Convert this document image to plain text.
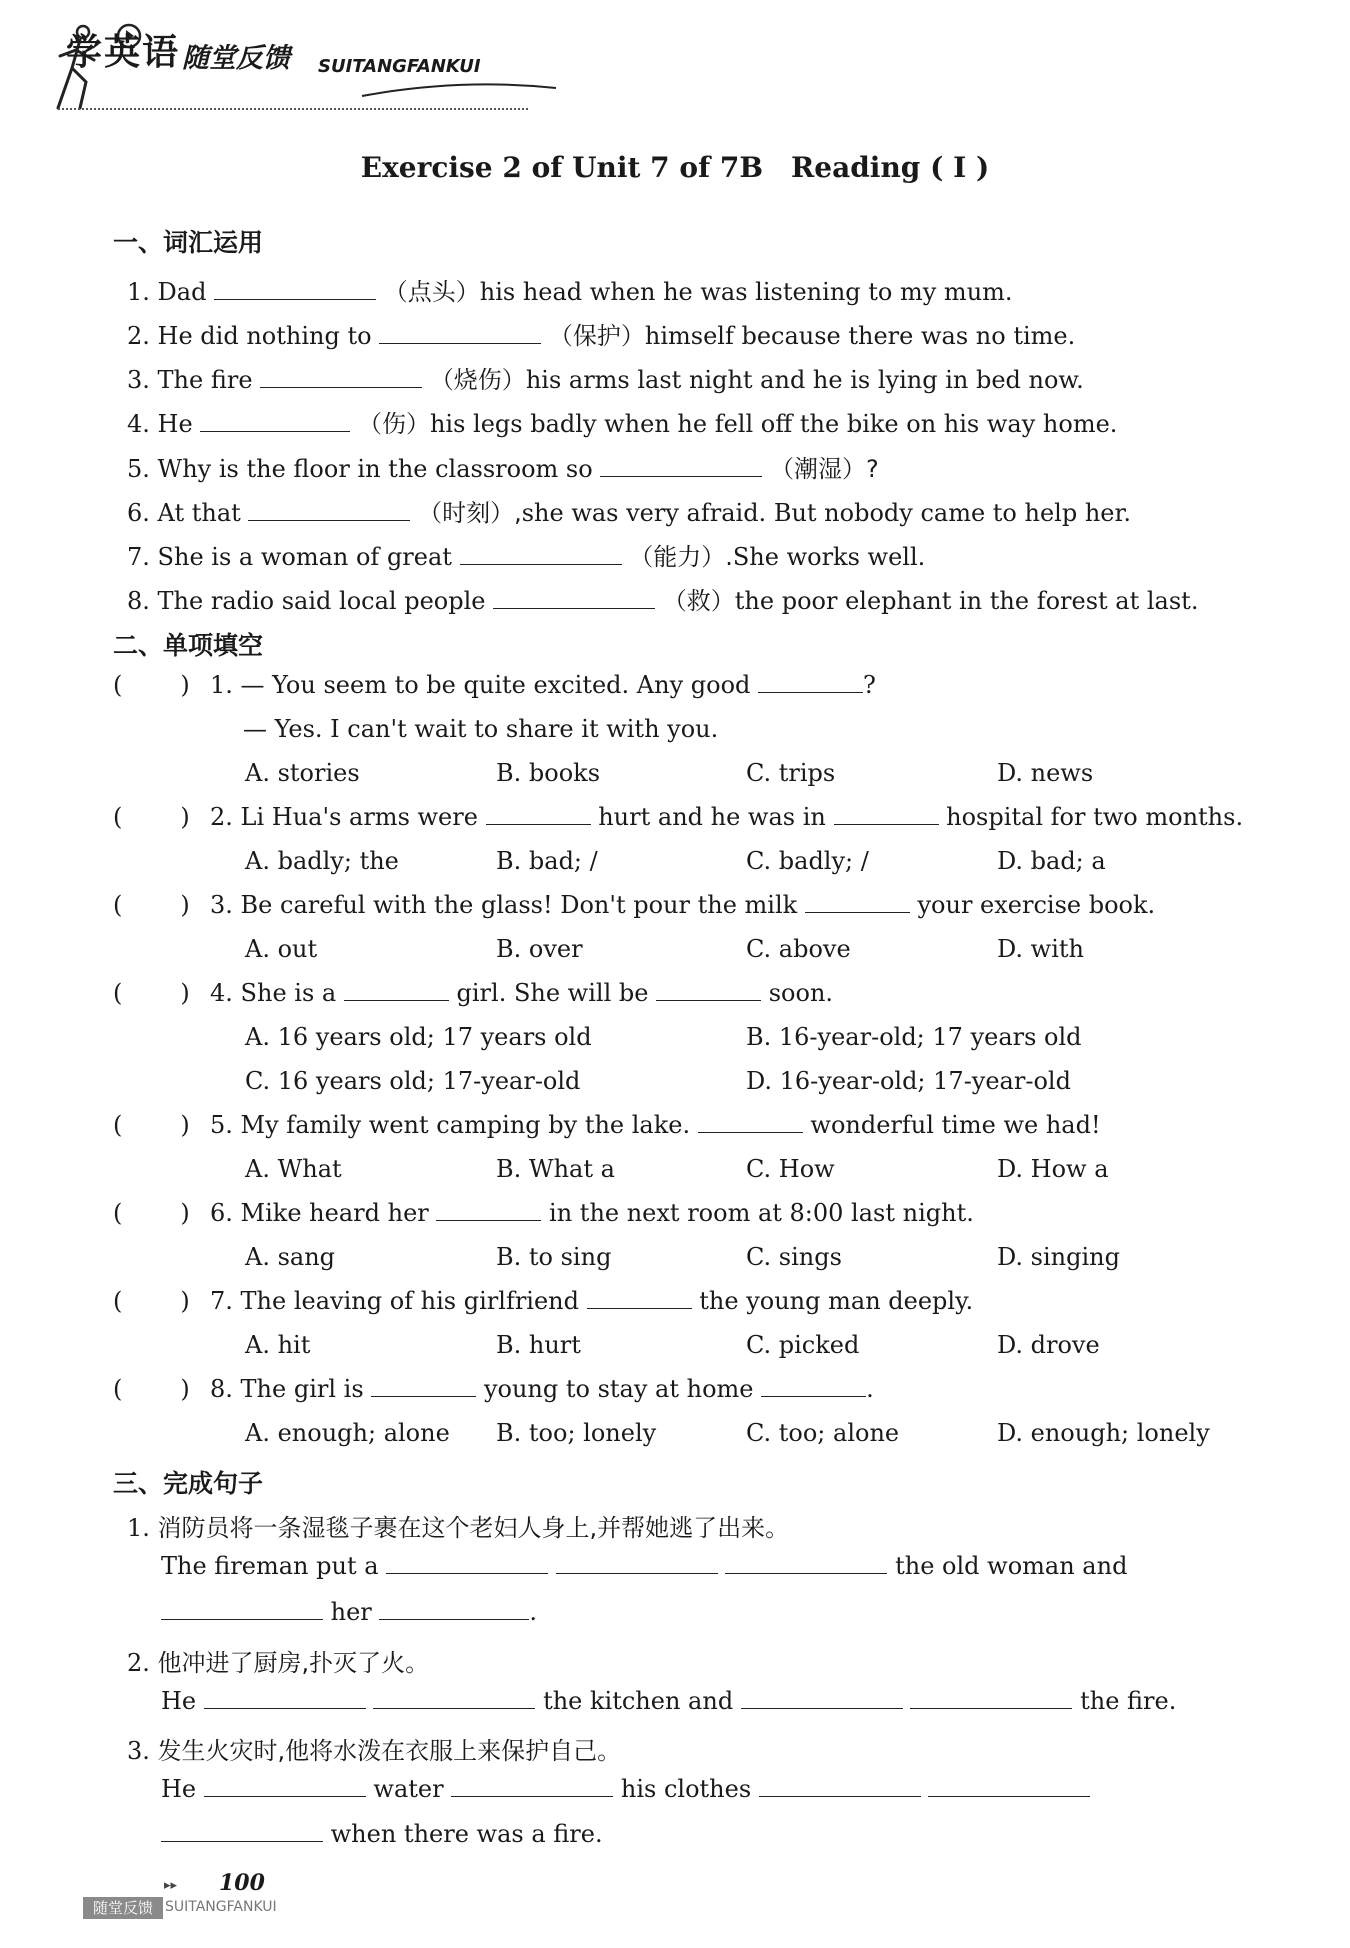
学英语 随堂反馈 SUITANGFANKUI
Exercise 2 of Unit 7 of 7B　Reading ( Ⅰ )
一、词汇运用
1. Dad	（点头）his head when he was listening to my mum.
2. He did nothing to	（保护）himself because there was no time.
3. The fire	（烧伤）his arms last night and he is lying in bed now.
4. He	（伤）his legs badly when he fell off the bike on his way home.
5. Why is the floor in the classroom so	（潮湿）?
6. At that	（时刻）,she was very afraid. But nobody came to help her.
7. She is a woman of great	（能力）.She works well.
8. The radio said local people	（救）the poor elephant in the forest at last.
二、单项填空
( ) 1. — You seem to be quite excited. Any good	?
— Yes. I can't wait to share it with you.
A. stories	B. books	C. trips	D. news
( ) 2. Li Hua's arms were	hurt and he was in	hospital for two months.
A. badly; the	B. bad; /	C. badly; /	D. bad; a
( ) 3. Be careful with the glass! Don't pour the milk	your exercise book.
A. out	B. over	C. above	D. with
( ) 4. She is a	girl. She will be	soon.
A. 16 years old; 17 years old	B. 16-year-old; 17 years old
C. 16 years old; 17-year-old	D. 16-year-old; 17-year-old
( ) 5. My family went camping by the lake.	wonderful time we had!
A. What	B. What a	C. How	D. How a
( ) 6. Mike heard her	in the next room at 8:00 last night.
A. sang	B. to sing	C. sings	D. singing
( ) 7. The leaving of his girlfriend	the young man deeply.
A. hit	B. hurt	C. picked	D. drove
( ) 8. The girl is	young to stay at home	.
A. enough; alone B. too; lonely	C. too; alone	D. enough; lonely
三、完成句子
1. 消防员将一条湿毯子裹在这个老妇人身上,并帮她逃了出来。
The fireman put a	the old woman and
her	.
2. 他冲进了厨房,扑灭了火。
He	the kitchen and	the fire.
3. 发生火灾时,他将水泼在衣服上来保护自己。
He	water	his clothes
when there was a fire.
▸▸ 100
随堂反馈 SUITANGFANKUI
